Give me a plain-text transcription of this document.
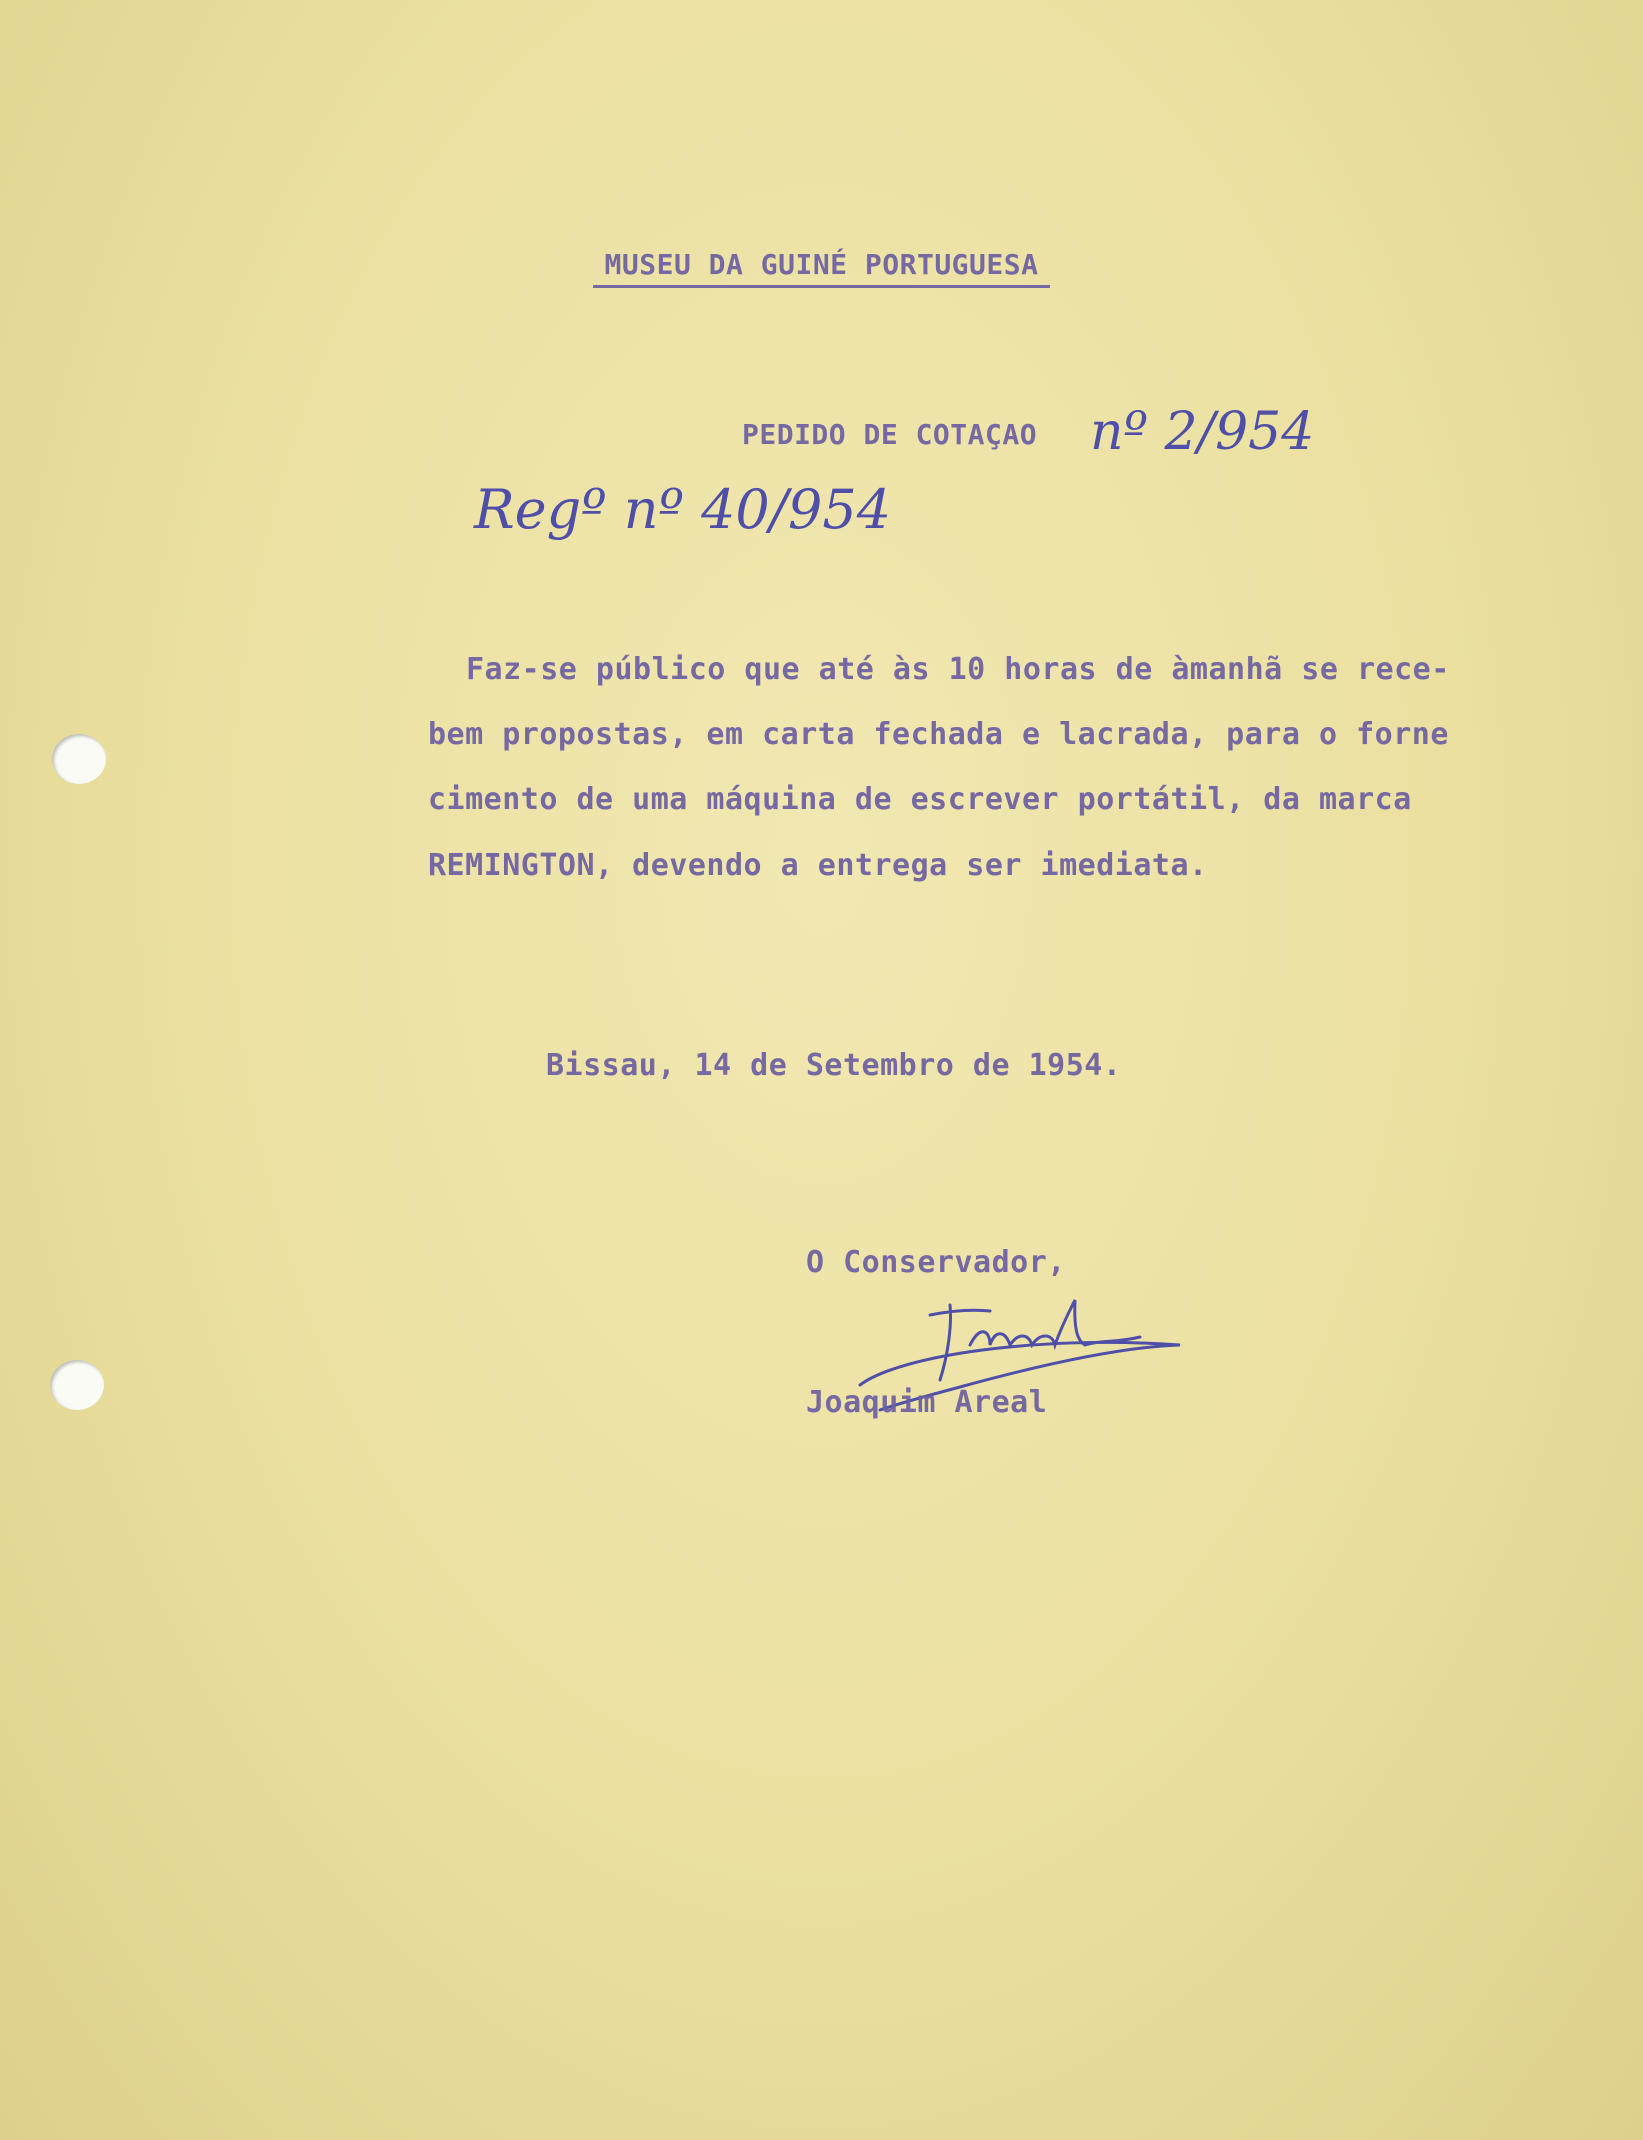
MUSEU DA GUINÉ PORTUGUESA
PEDIDO DE COTAÇAO nº 2/954
Regº nº 40/954
Faz-se público que até às 10 horas de àmanhã se rece-
bem propostas, em carta fechada e lacrada, para o forne
cimento de uma máquina de escrever portátil, da marca
REMINGTON, devendo a entrega ser imediata.
Bissau, 14 de Setembro de 1954.
O Conservador,
Joaquim Areal
